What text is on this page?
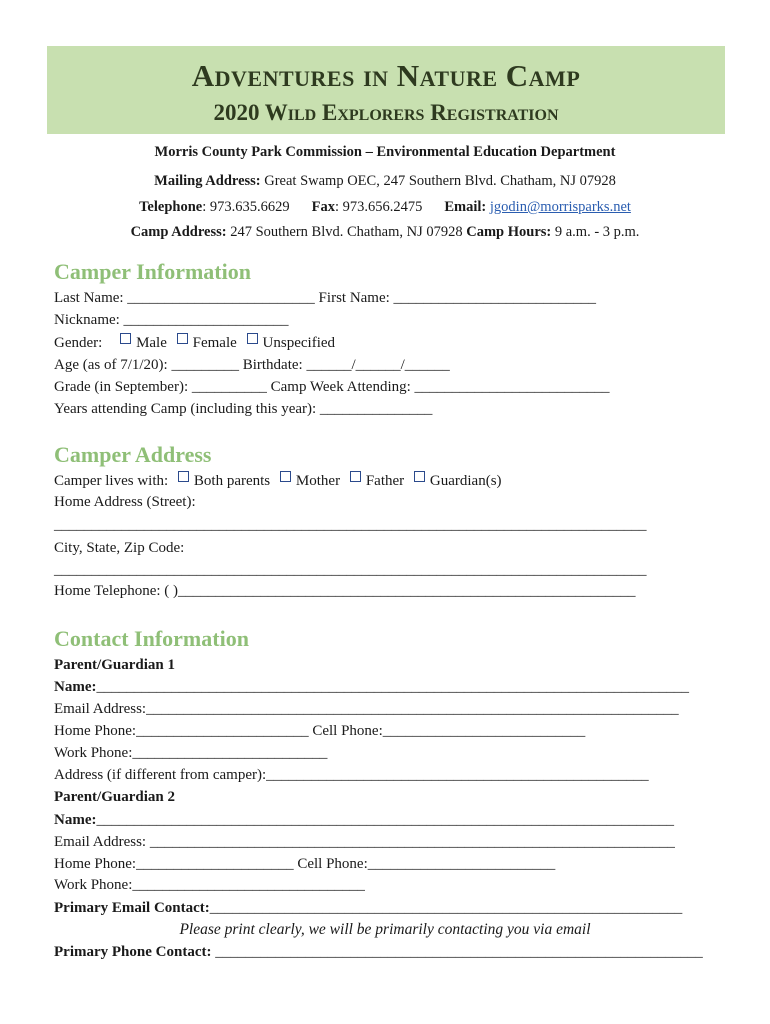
Adventures in Nature Camp
2020 Wild Explorers Registration
Morris County Park Commission – Environmental Education Department
Mailing Address: Great Swamp OEC, 247 Southern Blvd. Chatham, NJ 07928
Telephone: 973.635.6629 Fax: 973.656.2475 Email: jgodin@morrisparks.net
Camp Address: 247 Southern Blvd. Chatham, NJ 07928 Camp Hours: 9 a.m. - 3 p.m.
Camper Information
Last Name: _________________________ First Name: ___________________________
Nickname: ______________________
Gender: Male Female Unspecified
Age (as of 7/1/20): _________ Birthdate: ______/______/______
Grade (in September): __________ Camp Week Attending: __________________________
Years attending Camp (including this year): _______________
Camper Address
Camper lives with: Both parents Mother Father Guardian(s)
Home Address (Street):
_______________________________________________________________________________
City, State, Zip Code:
_______________________________________________________________________________
Home Telephone: ( )_____________________________________________________________
Contact Information
Parent/Guardian 1
Name:_______________________________________________________________________________
Email Address:_______________________________________________________________________
Home Phone:_______________________ Cell Phone:___________________________
Work Phone:__________________________
Address (if different from camper):___________________________________________________
Parent/Guardian 2
Name:_____________________________________________________________________________
Email Address: ______________________________________________________________________
Home Phone:_____________________ Cell Phone:_________________________
Work Phone:_______________________________
Primary Email Contact:_______________________________________________________________
Please print clearly, we will be primarily contacting you via email
Primary Phone Contact: _________________________________________________________________
